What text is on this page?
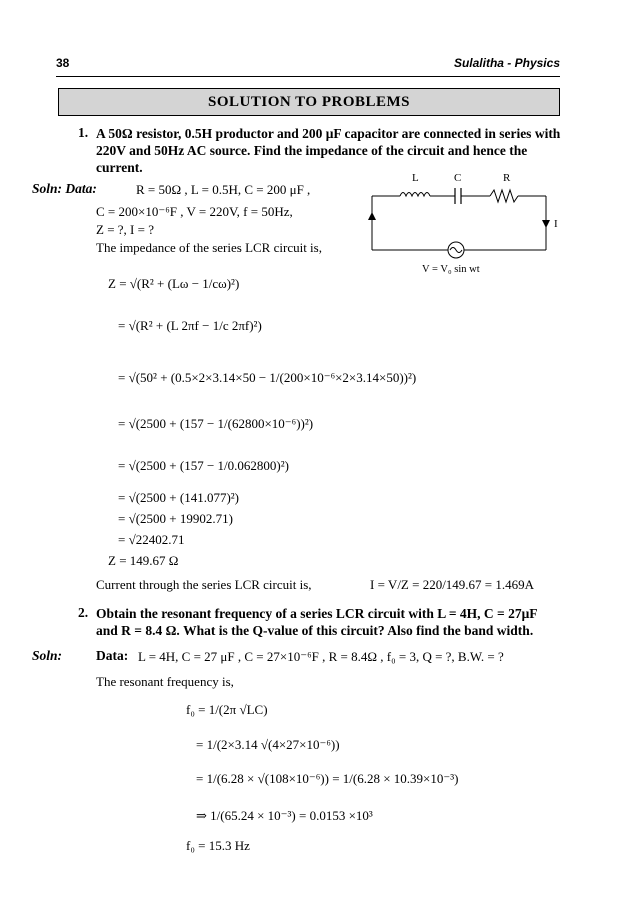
38	Sulalitha - Physics
SOLUTION TO PROBLEMS
1. A 50Ω resistor, 0.5H productor and 200 μF capacitor are connected in series with 220V and 50Hz AC source. Find the impedance of the circuit and hence the current.
Soln: Data:	R = 50Ω , L = 0.5H, C = 200 μF ,
C = 200×10⁻⁶F , V = 220V, f = 50Hz,
Z = ?, I = ?
The impedance of the series LCR circuit is,
L	C	R
I
V = V₀ sin wt
Z = √(R² + (Lω − 1/cω)²)
= √(R² + (L 2πf − 1/c 2πf)²)
= √(50² + (0.5×2×3.14×50 − 1/(200×10⁻⁶×2×3.14×50))²)
= √(2500 + (157 − 1/(62800×10⁻⁶))²)
= √(2500 + (157 − 1/0.062800)²)
= √(2500 + (141.077)²)
= √(2500 + 19902.71)
= √22402.71
Z = 149.67 Ω
Current through the series LCR circuit is,	I = V/Z = 220/149.67 = 1.469A
2. Obtain the resonant frequency of a series LCR circuit with L = 4H, C = 27μF and R = 8.4 Ω. What is the Q-value of this circuit? Also find the band width.
Soln:	Data: L = 4H, C = 27 μF , C = 27×10⁻⁶F , R = 8.4Ω , f₀ = 3, Q = ?, B.W. = ?
The resonant frequency is,
f₀ = 1/(2π √LC)
= 1/(2×3.14 √(4×27×10⁻⁶))
= 1/(6.28 × √(108×10⁻⁶)) = 1/(6.28 × 10.39×10⁻³)
⇒ 1/(65.24 × 10⁻³) = 0.0153 ×10³
f₀ = 15.3 Hz
